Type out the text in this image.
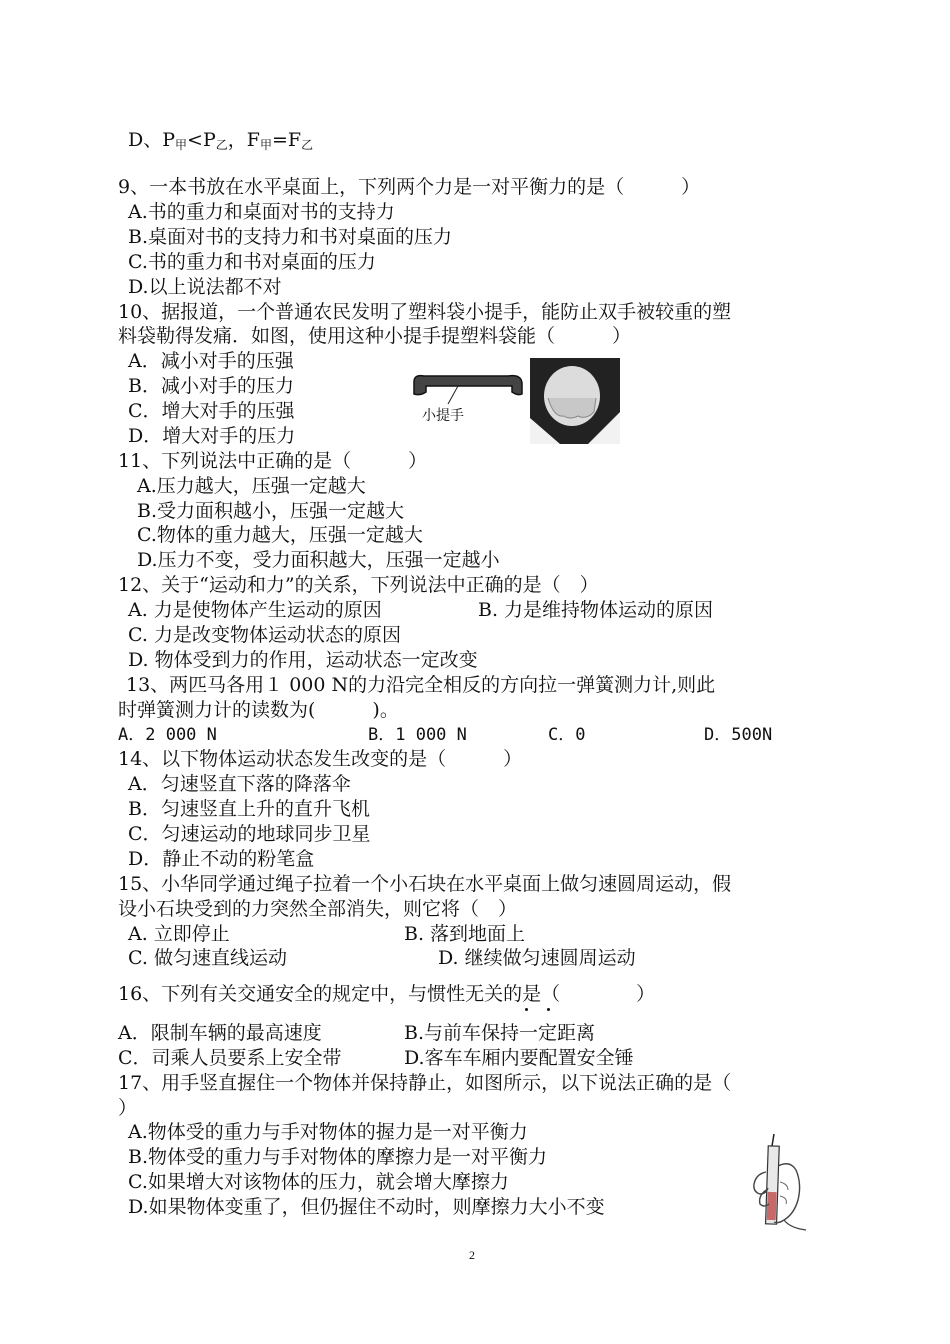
D、$P_甲<P_乙$，$F_甲=F_乙$
9、一本书放在水平桌面上，下列两个力是一对平衡力的是（　　　）
A.书的重力和桌面对书的支持力
B.桌面对书的支持力和书对桌面的压力
C.书的重力和书对桌面的压力
D.以上说法都不对
10、据报道，一个普通农民发明了塑料袋小提手，能防止双手被较重的塑
料袋勒得发痛．如图，使用这种小提手提塑料袋能（　　　）
A．减小对手的压强
B．减小对手的压力
C．增大对手的压强
D．增大对手的压力
小提手
11、下列说法中正确的是（　　　）
A.压力越大，压强一定越大
B.受力面积越小，压强一定越大
C.物体的重力越大，压强一定越大
D.压力不变，受力面积越大，压强一定越小
12、关于“运动和力”的关系，下列说法中正确的是（　）
A. 力是使物体产生运动的原因	B. 力是维持物体运动的原因
C. 力是改变物体运动状态的原因
D. 物体受到力的作用，运动状态一定改变
13、两匹马各用１ 000 N的力沿完全相反的方向拉一弹簧测力计,则此
时弹簧测力计的读数为(　　　)。
A．2 000 N	B．1 000 N	C．0	D．500N
14、以下物体运动状态发生改变的是（　　　）
A．匀速竖直下落的降落伞
B．匀速竖直上升的直升飞机
C．匀速运动的地球同步卫星
D．静止不动的粉笔盒
15、小华同学通过绳子拉着一个小石块在水平桌面上做匀速圆周运动，假
设小石块受到的力突然全部消失，则它将（　）
A. 立即停止	B. 落到地面上
C. 做匀速直线运动	D. 继续做匀速圆周运动
16、下列有关交通安全的规定中，与惯性无关的是（　　　　）
A．限制车辆的最高速度	B.与前车保持一定距离
C．司乘人员要系上安全带	D.客车车厢内要配置安全锤
17、用手竖直握住一个物体并保持静止，如图所示，以下说法正确的是（
）
A.物体受的重力与手对物体的握力是一对平衡力
B.物体受的重力与手对物体的摩擦力是一对平衡力
C.如果增大对该物体的压力，就会增大摩擦力
D.如果物体变重了，但仍握住不动时，则摩擦力大小不变
2
